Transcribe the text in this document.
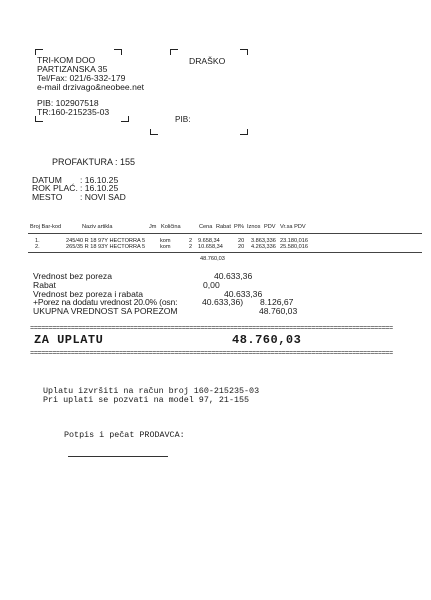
TRI-KOM DOO
PARTIZANSKA 35
Tel/Fax: 021/6-332-179
e-mail drzivago&neobee.net
PIB: 102907518
TR:160-215235-03
DRAŠKO
PIB:
PROFAKTURA : 155
DATUM : 16.10.25
ROK PLAĆ. : 16.10.25
MESTO : NOVI SAD
Broj Bar-kod	Naziv artikla	Jm Količina	Cena Rabat Pl% Iznos PDV Vr.sa PDV
1.	245/40 R 18 97Y HECTORRA 5	kom	2 9.658,34	20 3.863,336 23.180,016
2.	265/35 R 18 93Y HECTORRA 5	kom	2 10.658,34	20 4.263,336 25.580,016
48.760,03
Vrednost bez poreza	40.633,36
Rabat	0,00
Vrednost bez poreza i rabata	40.633,36
+Porez na dodatu vrednost 20.0% (osn:	40.633,36) 8.126,67
UKUPNA VREDNOST SA POREZOM	48.760,03
==================================================================================================
ZA UPLATU	48.760,03
==================================================================================================
Uplatu izvršiti na račun broj 160-215235-03
Pri uplati se pozvati na model 97, 21-155
Potpis i pečat PRODAVCA:
